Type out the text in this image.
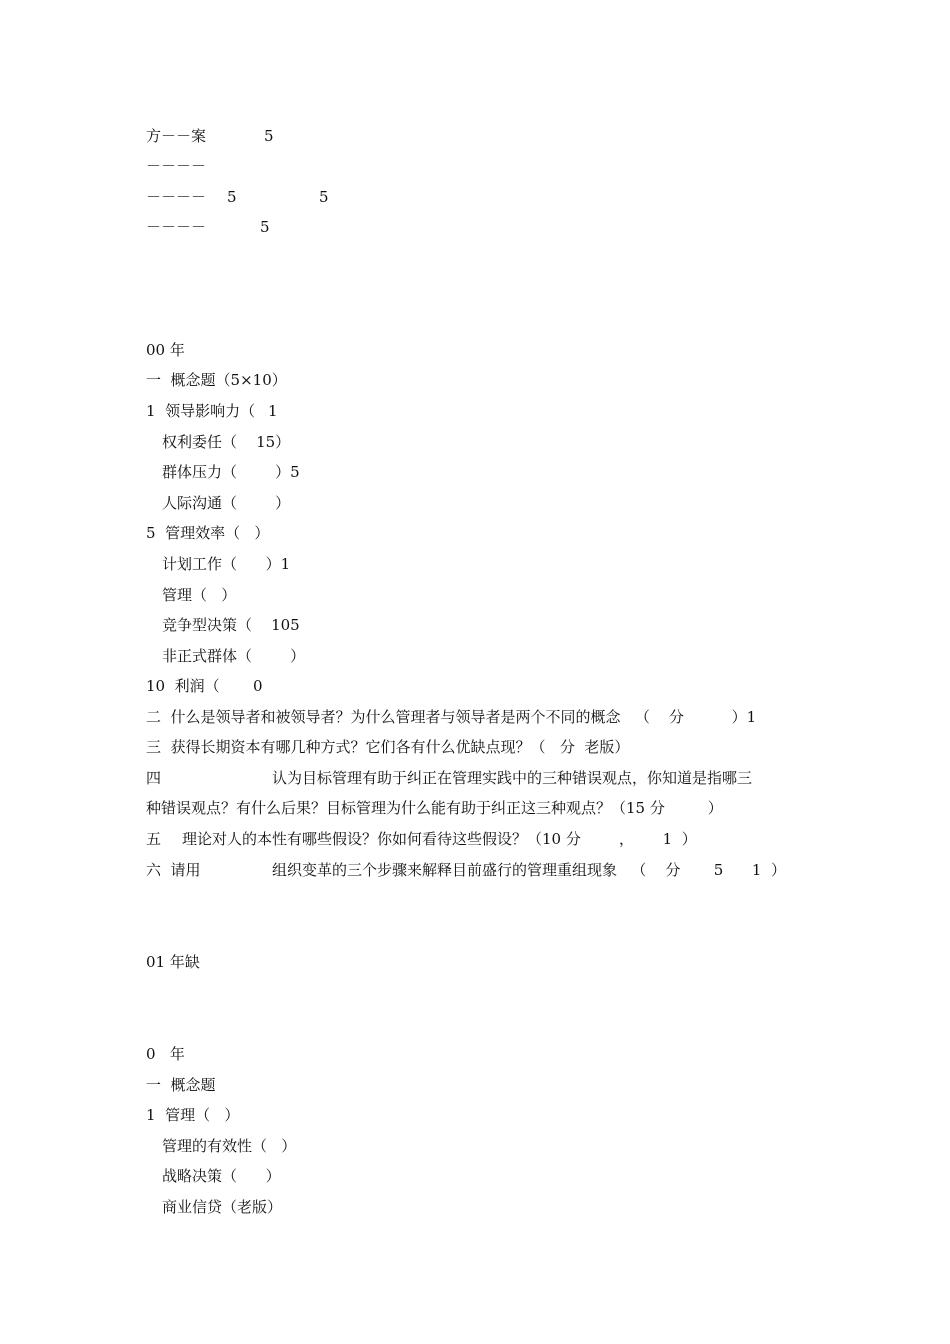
方－－案	5
－－－－
－－－－ 5	5
－－－－	5
00 年
一  概念题（5×10）
1  领导影响力（ 1
权利委任（    15）
群体压力（        ）5
人际沟通（        ）
5  管理效率（   ）
计划工作（      ）1
管理（   ）
竞争型决策（    105
非正式群体（        ）
10  利润（ 0
二  什么是领导者和被领导者？为什么管理者与领导者是两个不同的概念   （    分          ）1
三  获得长期资本有哪几种方式？它们各有什么优缺点现？（   分  老版）
四	认为目标管理有助于纠正在管理实践中的三种错误观点，你知道是指哪三
种错误观点？有什么后果？目标管理为什么能有助于纠正这三种观点？（15 分         ）
五 理论对人的本性有哪些假设？你如何看待这些假设？（10 分        ，      1  ）
六  请用	组织变革的三个步骤来解释目前盛行的管理重组现象   （    分       5      1  ）
01 年缺
0   年
一  概念题
1  管理（   ）
管理的有效性（   ）
战略决策（      ）
商业信贷（老版）
